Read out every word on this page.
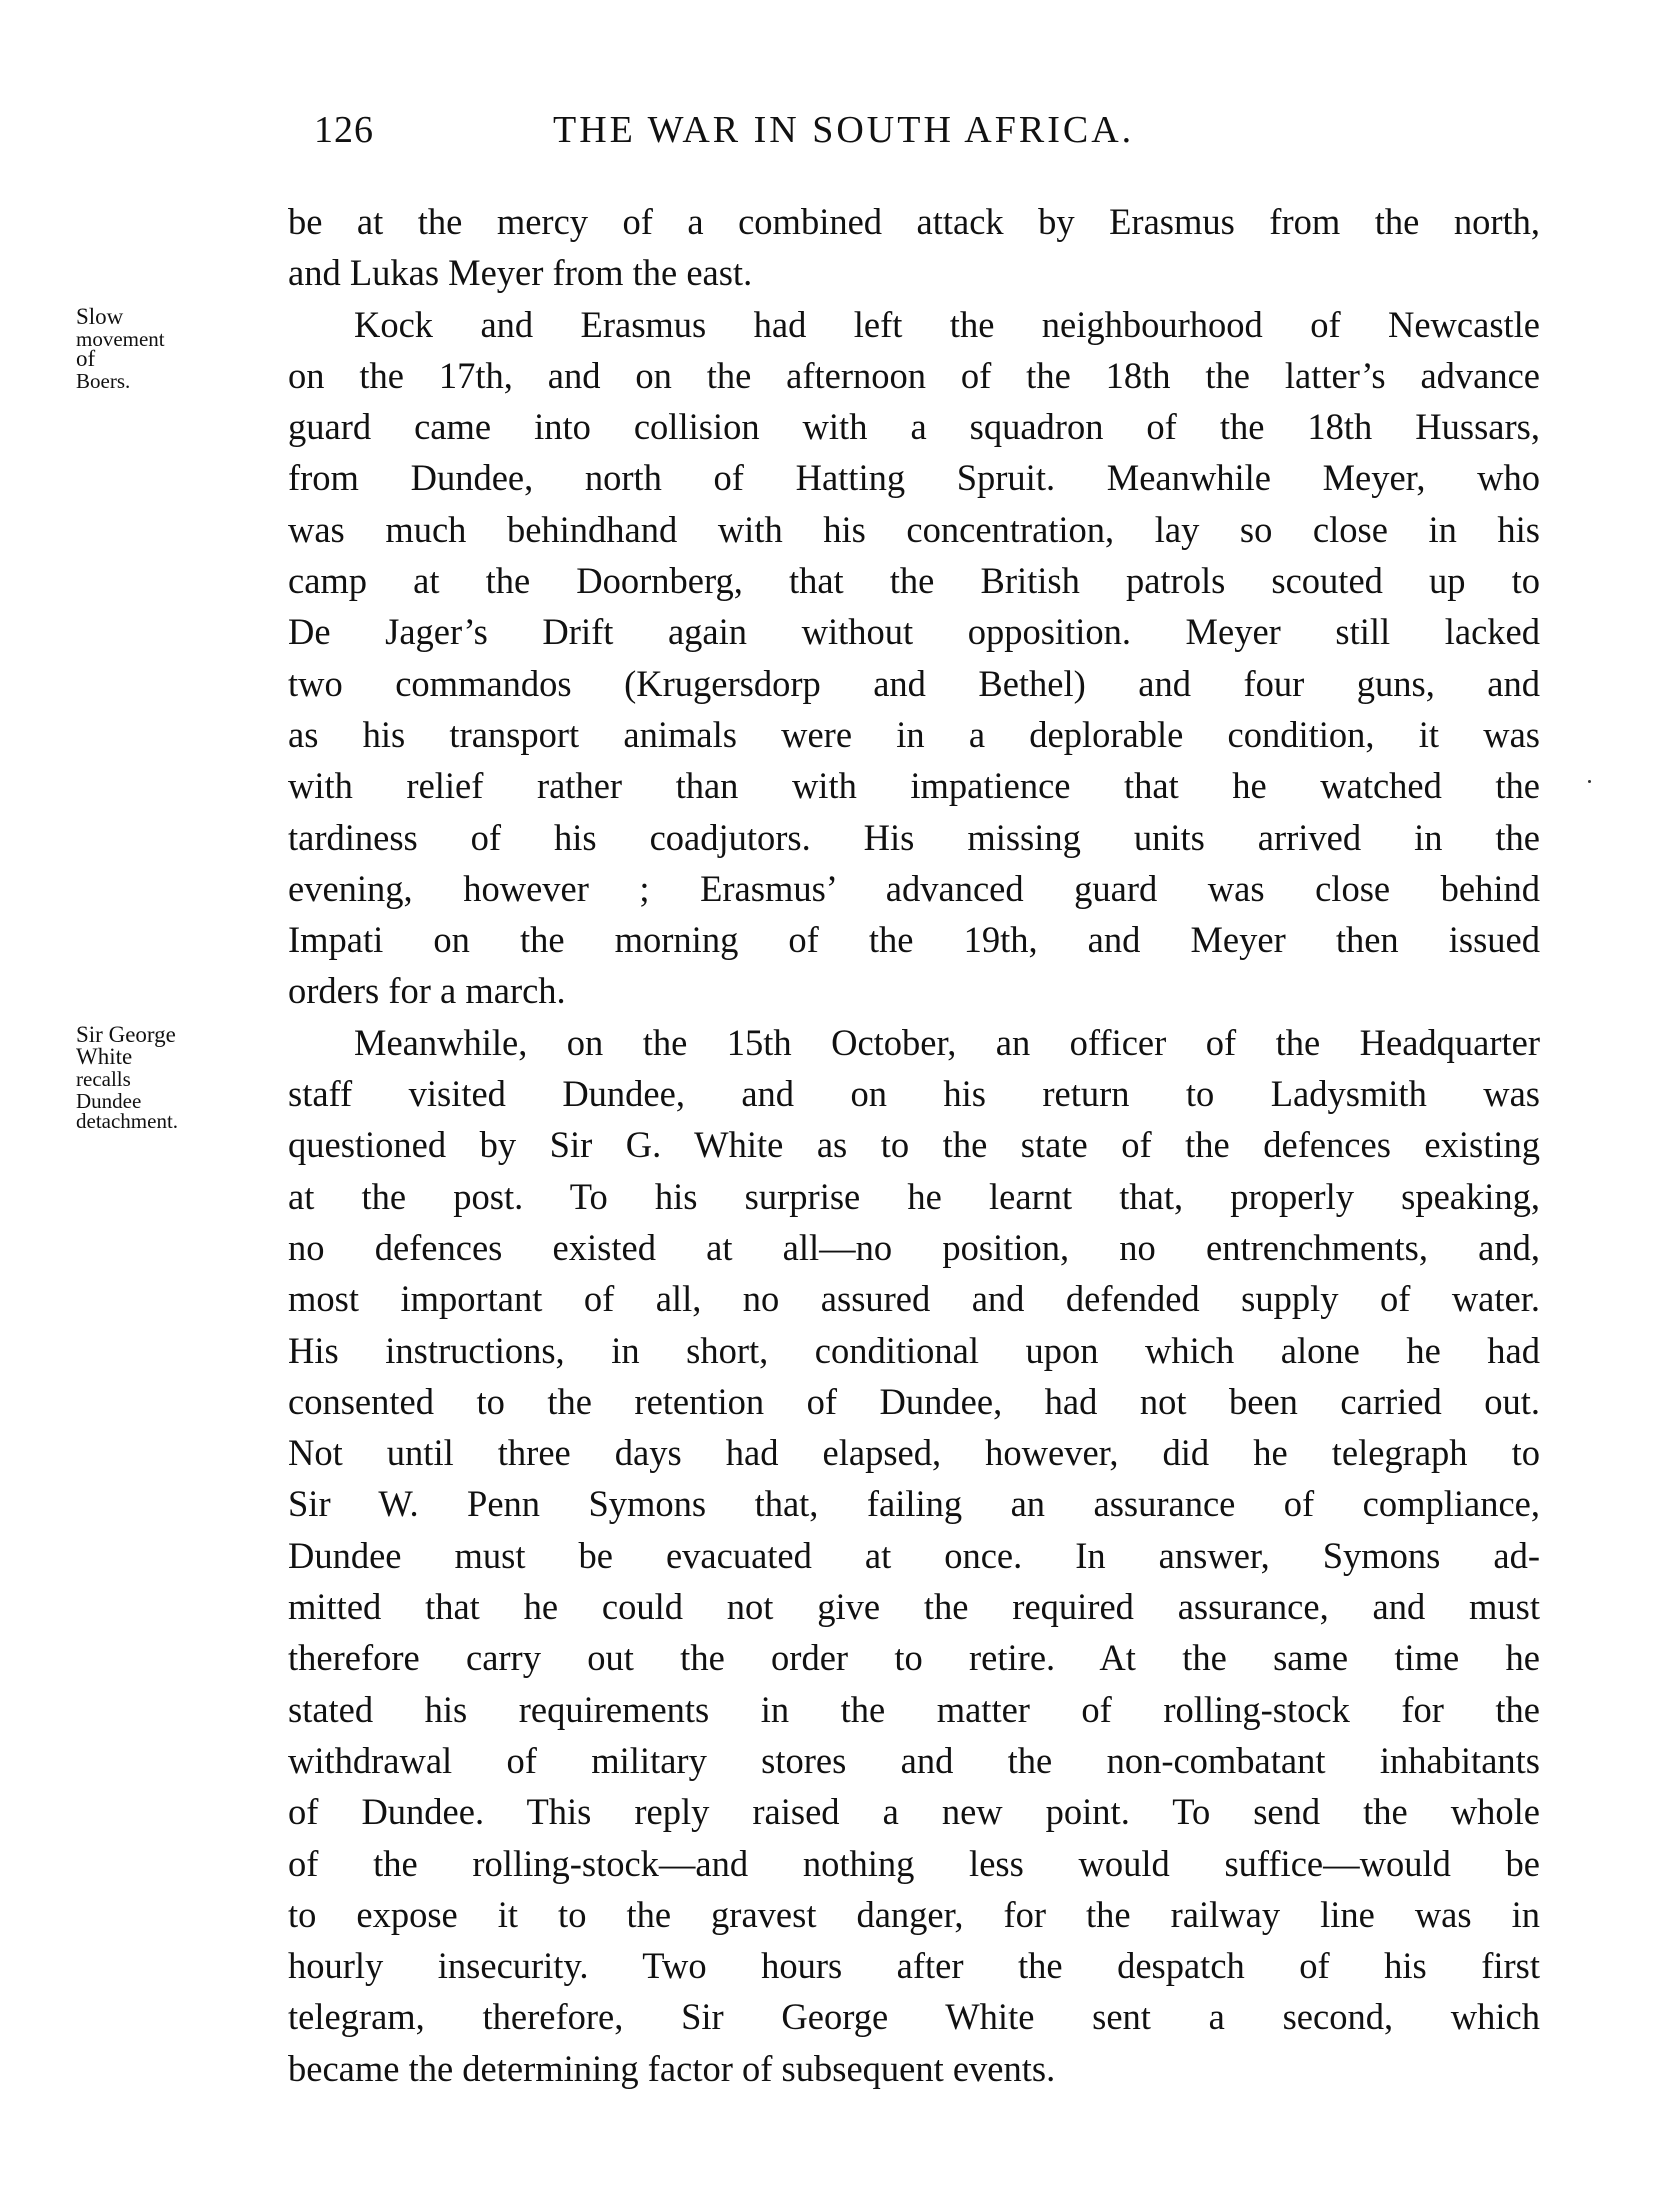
126	THE WAR IN SOUTH AFRICA.
Slow
movement
of
Boers.
Sir George
White
recalls
Dundee
detachment.
be at the mercy of a combined attack by Erasmus from the north,
and Lukas Meyer from the east.
Kock and Erasmus had left the neighbourhood of Newcastle
on the 17th, and on the afternoon of the 18th the latter’s advance
guard came into collision with a squadron of the 18th Hussars,
from Dundee, north of Hatting Spruit. Meanwhile Meyer, who
was much behindhand with his concentration, lay so close in his
camp at the Doornberg, that the British patrols scouted up to
De Jager’s Drift again without opposition. Meyer still lacked
two commandos (Krugersdorp and Bethel) and four guns, and
as his transport animals were in a deplorable condition, it was
with relief rather than with impatience that he watched the
tardiness of his coadjutors. His missing units arrived in the
evening, however ; Erasmus’ advanced guard was close behind
Impati on the morning of the 19th, and Meyer then issued
orders for a march.
Meanwhile, on the 15th October, an officer of the Headquarter
staff visited Dundee, and on his return to Ladysmith was
questioned by Sir G. White as to the state of the defences existing
at the post. To his surprise he learnt that, properly speaking,
no defences existed at all—no position, no entrenchments, and,
most important of all, no assured and defended supply of water.
His instructions, in short, conditional upon which alone he had
consented to the retention of Dundee, had not been carried out.
Not until three days had elapsed, however, did he telegraph to
Sir W. Penn Symons that, failing an assurance of compliance,
Dundee must be evacuated at once. In answer, Symons ad-
mitted that he could not give the required assurance, and must
therefore carry out the order to retire. At the same time he
stated his requirements in the matter of rolling-stock for the
withdrawal of military stores and the non-combatant inhabitants
of Dundee. This reply raised a new point. To send the whole
of the rolling-stock—and nothing less would suffice—would be
to expose it to the gravest danger, for the railway line was in
hourly insecurity. Two hours after the despatch of his first
telegram, therefore, Sir George White sent a second, which
became the determining factor of subsequent events.
